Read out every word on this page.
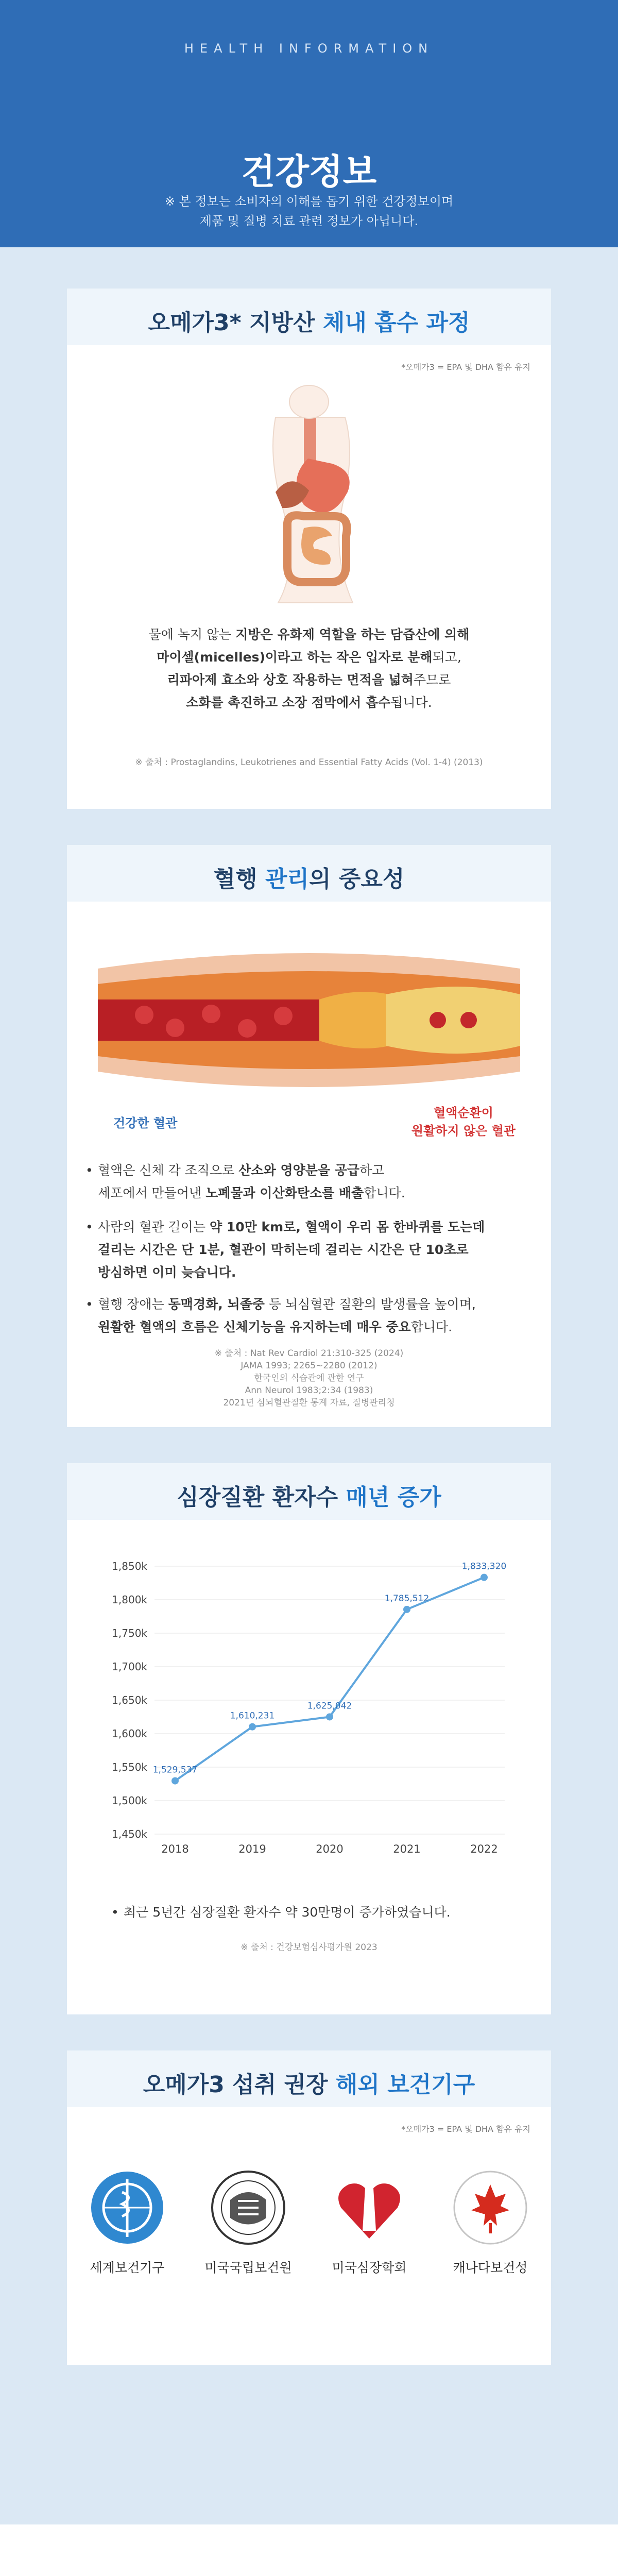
HEALTH INFORMATION
건강정보
※ 본 정보는 소비자의 이해를 돕기 위한 건강정보이며
제품 및 질병 치료 관련 정보가 아닙니다.
오메가3* 지방산 체내 흡수 과정
*오메가3 = EPA 및 DHA 함유 유지
물에 녹지 않는 지방은 유화제 역할을 하는 담즙산에 의해
마이셀(micelles)이라고 하는 작은 입자로 분해되고,
리파아제 효소와 상호 작용하는 면적을 넓혀주므로
소화를 촉진하고 소장 점막에서 흡수됩니다.
※ 출처 : Prostaglandins, Leukotrienes and Essential Fatty Acids (Vol. 1-4) (2013)
혈행 관리의 중요성
건강한 혈관
혈액순환이
원활하지 않은 혈관
• 혈액은 신체 각 조직으로 산소와 영양분을 공급하고
세포에서 만들어낸 노폐물과 이산화탄소를 배출합니다.
• 사람의 혈관 길이는 약 10만 km로, 혈액이 우리 몸 한바퀴를 도는데
걸리는 시간은 단 1분, 혈관이 막히는데 걸리는 시간은 단 10초로
방심하면 이미 늦습니다.
• 혈행 장애는 동맥경화, 뇌졸중 등 뇌심혈관 질환의 발생률을 높이며,
원활한 혈액의 흐름은 신체기능을 유지하는데 매우 중요합니다.
※ 출처 : Nat Rev Cardiol 21:310-325 (2024)
JAMA 1993; 2265~2280 (2012)
한국인의 식습관에 관한 연구
Ann Neurol 1983;2:34 (1983)
2021년 심뇌혈관질환 통계 자료, 질병관리청
심장질환 환자수 매년 증가
1,850k
1,800k
1,750k
1,700k
1,650k
1,600k
1,550k
1,500k
1,450k
2018	2019	2020	2021	2022
1,529,537
1,610,231
1,625,042
1,785,512
1,833,320
• 최근 5년간 심장질환 환자수 약 30만명이 증가하였습니다.
※ 출처 : 건강보험심사평가원 2023
오메가3 섭취 권장 해외 보건기구
*오메가3 = EPA 및 DHA 함유 유지
세계보건기구	미국국립보건원	미국심장학회	캐나다보건성
